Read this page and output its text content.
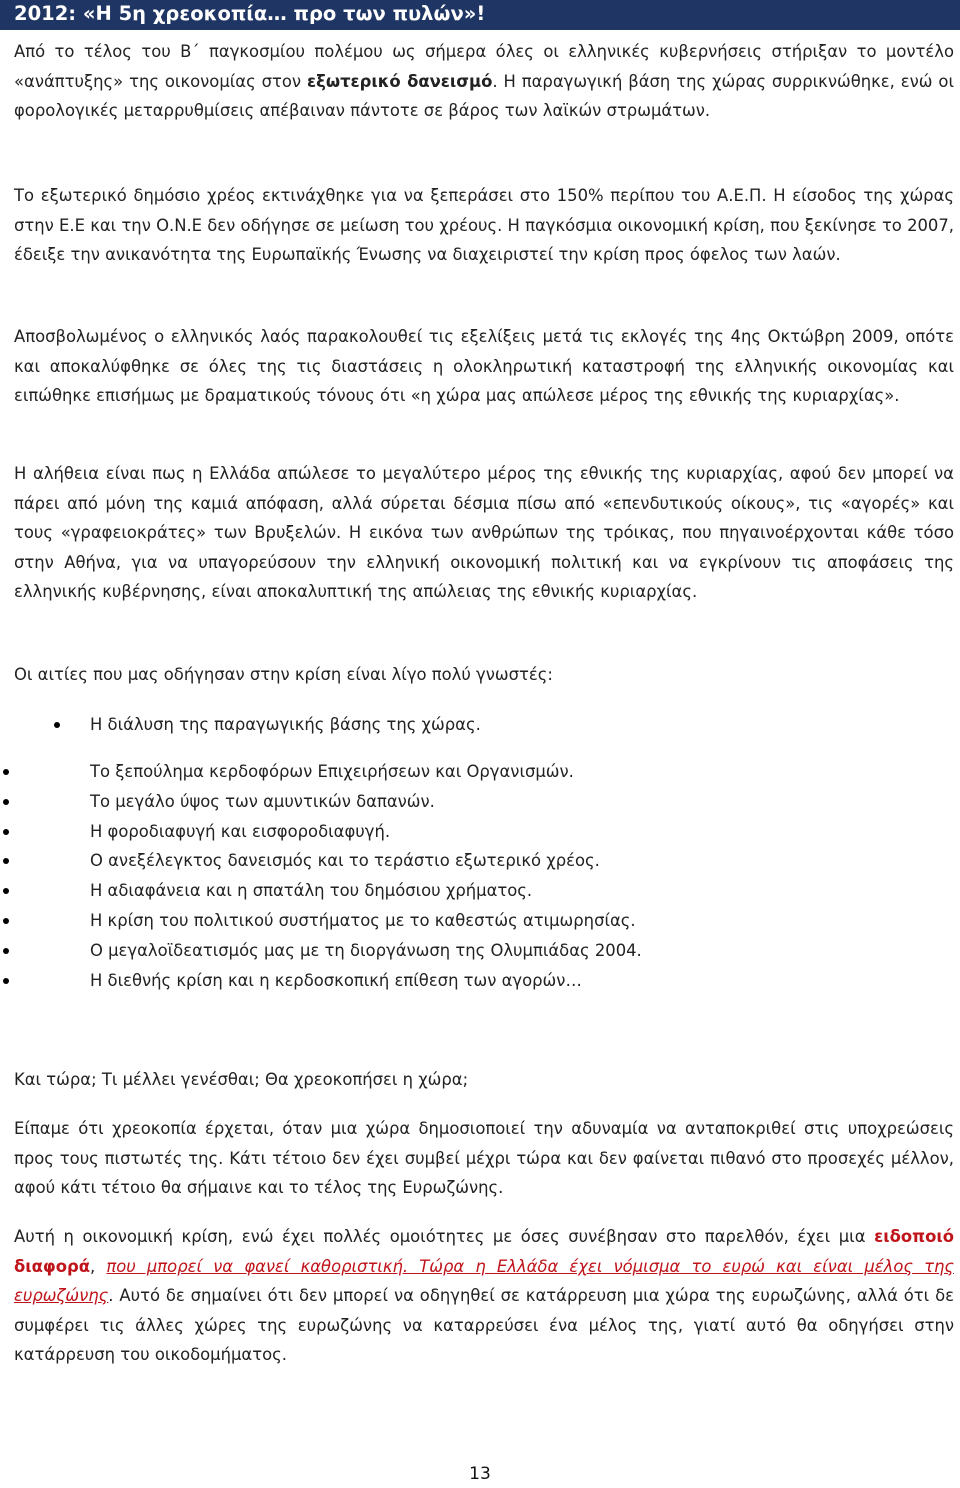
2012: «Η 5η χρεοκοπία… προ των πυλών»!

Από το τέλος του Β΄ παγκοσμίου πολέμου ως σήμερα όλες οι ελληνικές κυβερνήσεις στήριξαν το μοντέλο «ανάπτυξης» της οικονομίας στον εξωτερικό δανεισμό. Η παραγωγική βάση της χώρας συρρικνώθηκε, ενώ οι φορολογικές μεταρρυθμίσεις απέβαιναν πάντοτε σε βάρος των λαϊκών στρωμάτων.

Το εξωτερικό δημόσιο χρέος εκτινάχθηκε για να ξεπεράσει στο 150% περίπου του Α.Ε.Π. Η είσοδος της χώρας στην Ε.Ε και την Ο.Ν.Ε δεν οδήγησε σε μείωση του χρέους. Η παγκόσμια οικονομική κρίση, που ξεκίνησε το 2007, έδειξε την ανικανότητα της Ευρωπαϊκής Ένωσης να διαχειριστεί την κρίση προς όφελος των λαών.

Αποσβολωμένος ο ελληνικός λαός παρακολουθεί τις εξελίξεις μετά τις εκλογές της 4ης Οκτώβρη 2009, οπότε και αποκαλύφθηκε σε όλες της τις διαστάσεις η ολοκληρωτική καταστροφή της ελληνικής οικονομίας και ειπώθηκε επισήμως με δραματικούς τόνους ότι «η χώρα μας απώλεσε μέρος της εθνικής της κυριαρχίας».

Η αλήθεια είναι πως η Ελλάδα απώλεσε το μεγαλύτερο μέρος της εθνικής της κυριαρχίας, αφού δεν μπορεί να πάρει από μόνη της καμιά απόφαση, αλλά σύρεται δέσμια πίσω από «επενδυτικούς οίκους», τις «αγορές» και τους «γραφειοκράτες» των Βρυξελών. Η εικόνα των ανθρώπων της τρόικας, που πηγαινοέρχονται κάθε τόσο στην Αθήνα, για να υπαγορεύσουν την ελληνική οικονομική πολιτική και να εγκρίνουν τις αποφάσεις της ελληνικής κυβέρνησης, είναι αποκαλυπτική της απώλειας της εθνικής κυριαρχίας.

Οι αιτίες που μας οδήγησαν στην κρίση είναι λίγο πολύ γνωστές:

Η διάλυση της παραγωγικής βάσης της χώρας.
Το ξεπούλημα κερδοφόρων Επιχειρήσεων και Οργανισμών.
Το μεγάλο ύψος των αμυντικών δαπανών.
Η φοροδιαφυγή και εισφοροδιαφυγή.
Ο ανεξέλεγκτος δανεισμός και το τεράστιο εξωτερικό χρέος.
Η αδιαφάνεια και η σπατάλη του δημόσιου χρήματος.
Η κρίση του πολιτικού συστήματος με το καθεστώς ατιμωρησίας.
Ο μεγαλοϊδεατισμός μας με τη διοργάνωση της Ολυμπιάδας 2004.
Η διεθνής κρίση και η κερδοσκοπική επίθεση των αγορών…

Και τώρα; Τι μέλλει γενέσθαι; Θα χρεοκοπήσει η χώρα;

Είπαμε ότι χρεοκοπία έρχεται, όταν μια χώρα δημοσιοποιεί την αδυναμία να ανταποκριθεί στις υποχρεώσεις προς τους πιστωτές της. Κάτι τέτοιο δεν έχει συμβεί μέχρι τώρα και δεν φαίνεται πιθανό στο προσεχές μέλλον, αφού κάτι τέτοιο θα σήμαινε και το τέλος της Ευρωζώνης.

Αυτή η οικονομική κρίση, ενώ έχει πολλές ομοιότητες με όσες συνέβησαν στο παρελθόν, έχει μια ειδοποιό διαφορά, που μπορεί να φανεί καθοριστική. Τώρα η Ελλάδα έχει νόμισμα το ευρώ και είναι μέλος της ευρωζώνης. Αυτό δε σημαίνει ότι δεν μπορεί να οδηγηθεί σε κατάρρευση μια χώρα της ευρωζώνης, αλλά ότι δε συμφέρει τις άλλες χώρες της ευρωζώνης να καταρρεύσει ένα μέλος της, γιατί αυτό θα οδηγήσει στην κατάρρευση του οικοδομήματος.

13
